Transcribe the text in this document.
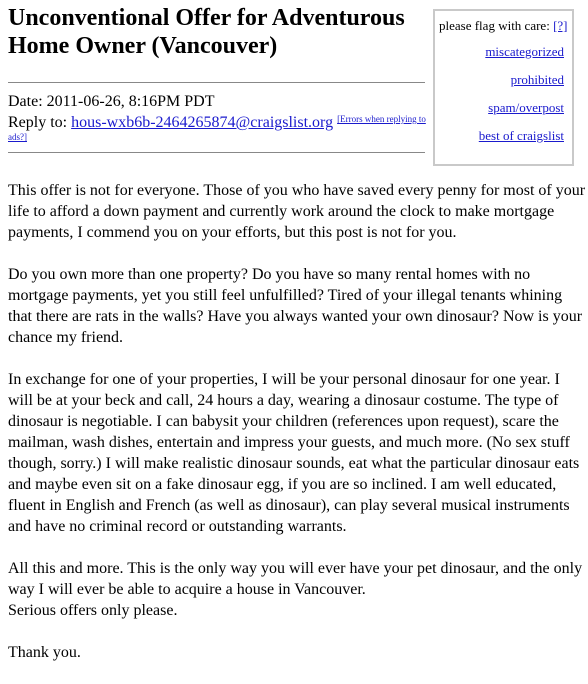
please flag with care: [?]
miscategorized
prohibited
spam/overpost
best of craigslist
Unconventional Offer for Adventurous Home Owner (Vancouver)
Date: 2011-06-26, 8:16PM PDT
Reply to: hous-wxb6b-2464265874@craigslist.org [Errors when replying to ads?]

This offer is not for everyone. Those of you who have saved every penny for most of your life to afford a down payment and currently work around the clock to make mortgage payments, I commend you on your efforts, but this post is not for you.

Do you own more than one property? Do you have so many rental homes with no mortgage payments, yet you still feel unfulfilled? Tired of your illegal tenants whining that there are rats in the walls? Have you always wanted your own dinosaur? Now is your chance my friend.

In exchange for one of your properties, I will be your personal dinosaur for one year. I will be at your beck and call, 24 hours a day, wearing a dinosaur costume. The type of dinosaur is negotiable. I can babysit your children (references upon request), scare the mailman, wash dishes, entertain and impress your guests, and much more. (No sex stuff though, sorry.) I will make realistic dinosaur sounds, eat what the particular dinosaur eats and maybe even sit on a fake dinosaur egg, if you are so inclined. I am well educated, fluent in English and French (as well as dinosaur), can play several musical instruments and have no criminal record or outstanding warrants.

All this and more. This is the only way you will ever have your pet dinosaur, and the only way I will ever be able to acquire a house in Vancouver.
Serious offers only please.

Thank you.
